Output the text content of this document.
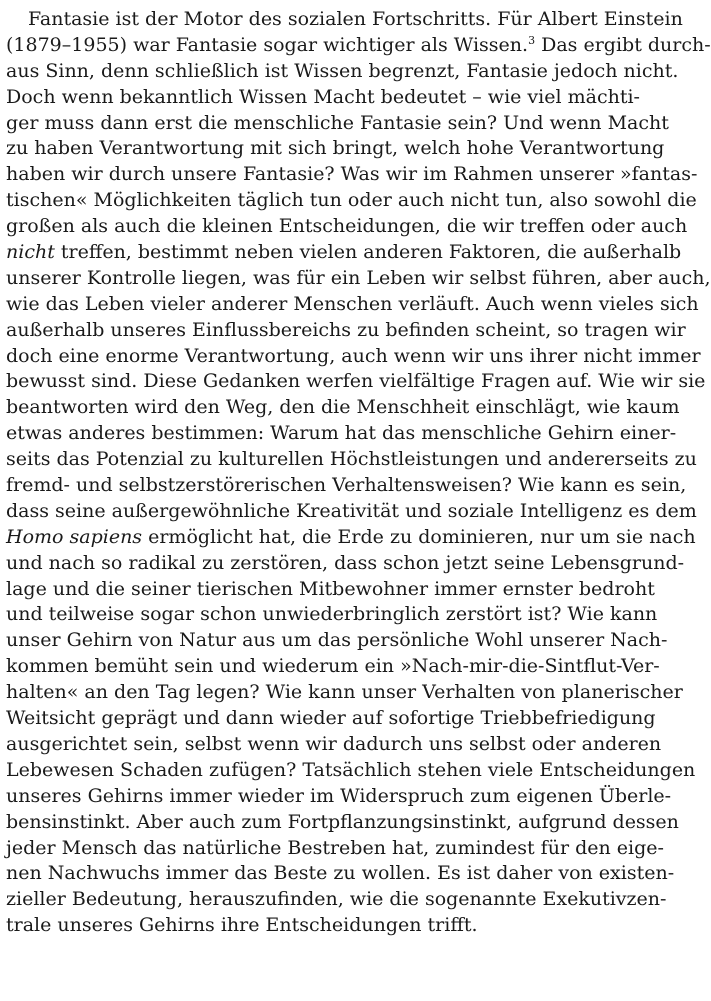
Fantasie ist der Motor des sozialen Fortschritts. Für Albert Einstein
(1879–1955) war Fantasie sogar wichtiger als Wissen.$^3$ Das ergibt durch-
aus Sinn, denn schließlich ist Wissen begrenzt, Fantasie jedoch nicht.
Doch wenn bekanntlich Wissen Macht bedeutet – wie viel mächti-
ger muss dann erst die menschliche Fantasie sein? Und wenn Macht
zu haben Verantwortung mit sich bringt, welch hohe Verantwortung
haben wir durch unsere Fantasie? Was wir im Rahmen unserer »fantas-
tischen« Möglichkeiten täglich tun oder auch nicht tun, also sowohl die
großen als auch die kleinen Entscheidungen, die wir treffen oder auch
nicht treffen, bestimmt neben vielen anderen Faktoren, die außerhalb
unserer Kontrolle liegen, was für ein Leben wir selbst führen, aber auch,
wie das Leben vieler anderer Menschen verläuft. Auch wenn vieles sich
außerhalb unseres Einflussbereichs zu befinden scheint, so tragen wir
doch eine enorme Verantwortung, auch wenn wir uns ihrer nicht immer
bewusst sind. Diese Gedanken werfen vielfältige Fragen auf. Wie wir sie
beantworten wird den Weg, den die Menschheit einschlägt, wie kaum
etwas anderes bestimmen: Warum hat das menschliche Gehirn einer-
seits das Potenzial zu kulturellen Höchstleistungen und andererseits zu
fremd- und selbstzerstörerischen Verhaltensweisen? Wie kann es sein,
dass seine außergewöhnliche Kreativität und soziale Intelligenz es dem
Homo sapiens ermöglicht hat, die Erde zu dominieren, nur um sie nach
und nach so radikal zu zerstören, dass schon jetzt seine Lebensgrund-
lage und die seiner tierischen Mitbewohner immer ernster bedroht
und teilweise sogar schon unwiederbringlich zerstört ist? Wie kann
unser Gehirn von Natur aus um das persönliche Wohl unserer Nach-
kommen bemüht sein und wiederum ein »Nach-mir-die-Sintflut-Ver-
halten« an den Tag legen? Wie kann unser Verhalten von planerischer
Weitsicht geprägt und dann wieder auf sofortige Triebbefriedigung
ausgerichtet sein, selbst wenn wir dadurch uns selbst oder anderen
Lebewesen Schaden zufügen? Tatsächlich stehen viele Entscheidungen
unseres Gehirns immer wieder im Widerspruch zum eigenen Überle-
bensinstinkt. Aber auch zum Fortpflanzungsinstinkt, aufgrund dessen
jeder Mensch das natürliche Bestreben hat, zumindest für den eige-
nen Nachwuchs immer das Beste zu wollen. Es ist daher von existen-
zieller Bedeutung, herauszufinden, wie die sogenannte Exekutivzen-
trale unseres Gehirns ihre Entscheidungen trifft.
